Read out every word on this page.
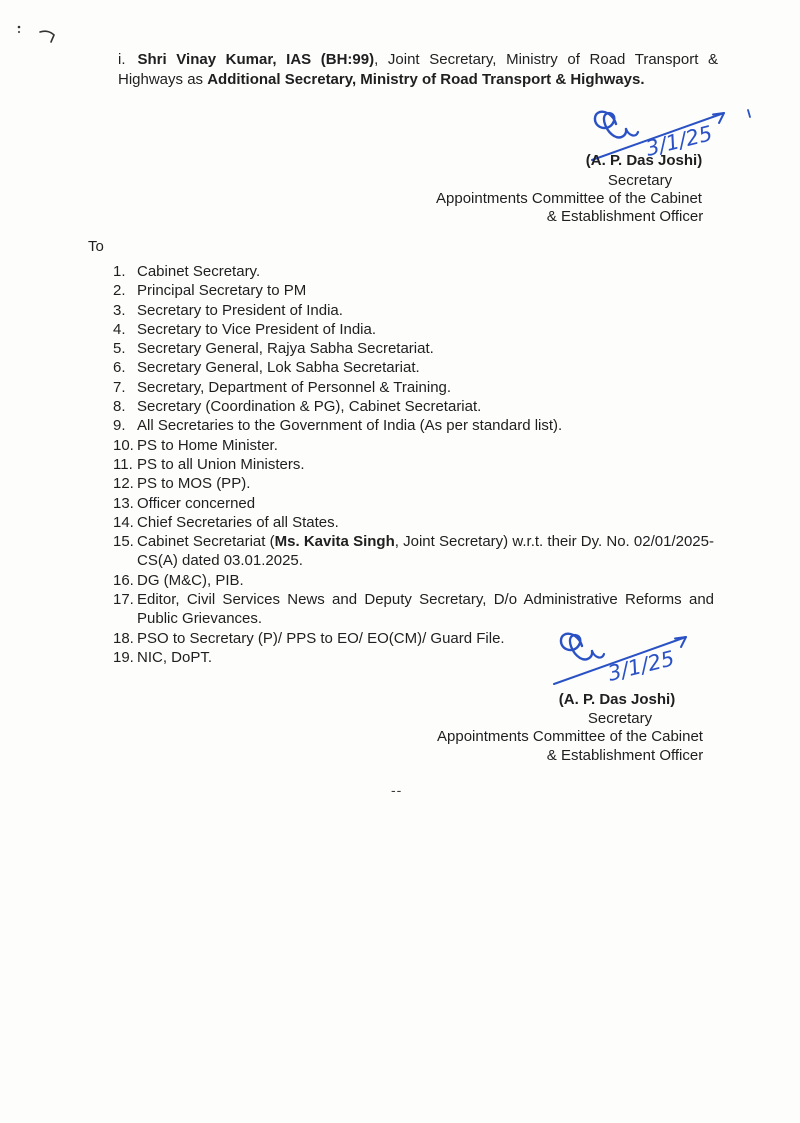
i. Shri Vinay Kumar, IAS (BH:99), Joint Secretary, Ministry of Road Transport & Highways as Additional Secretary, Ministry of Road Transport & Highways.
3/1/25
(A. P. Das Joshi)
Secretary
Appointments Committee of the Cabinet
& Establishment Officer
To
1. Cabinet Secretary.
2. Principal Secretary to PM
3. Secretary to President of India.
4. Secretary to Vice President of India.
5. Secretary General, Rajya Sabha Secretariat.
6. Secretary General, Lok Sabha Secretariat.
7. Secretary, Department of Personnel & Training.
8. Secretary (Coordination & PG), Cabinet Secretariat.
9. All Secretaries to the Government of India (As per standard list).
10. PS to Home Minister.
11. PS to all Union Ministers.
12. PS to MOS (PP).
13. Officer concerned
14. Chief Secretaries of all States.
15. Cabinet Secretariat (Ms. Kavita Singh, Joint Secretary) w.r.t. their Dy. No. 02/01/2025-CS(A) dated 03.01.2025.
16. DG (M&C), PIB.
17. Editor, Civil Services News and Deputy Secretary, D/o Administrative Reforms and Public Grievances.
18. PSO to Secretary (P)/ PPS to EO/ EO(CM)/ Guard File.
19. NIC, DoPT.	3/1/25
(A. P. Das Joshi)
Secretary
Appointments Committee of the Cabinet
& Establishment Officer
--
